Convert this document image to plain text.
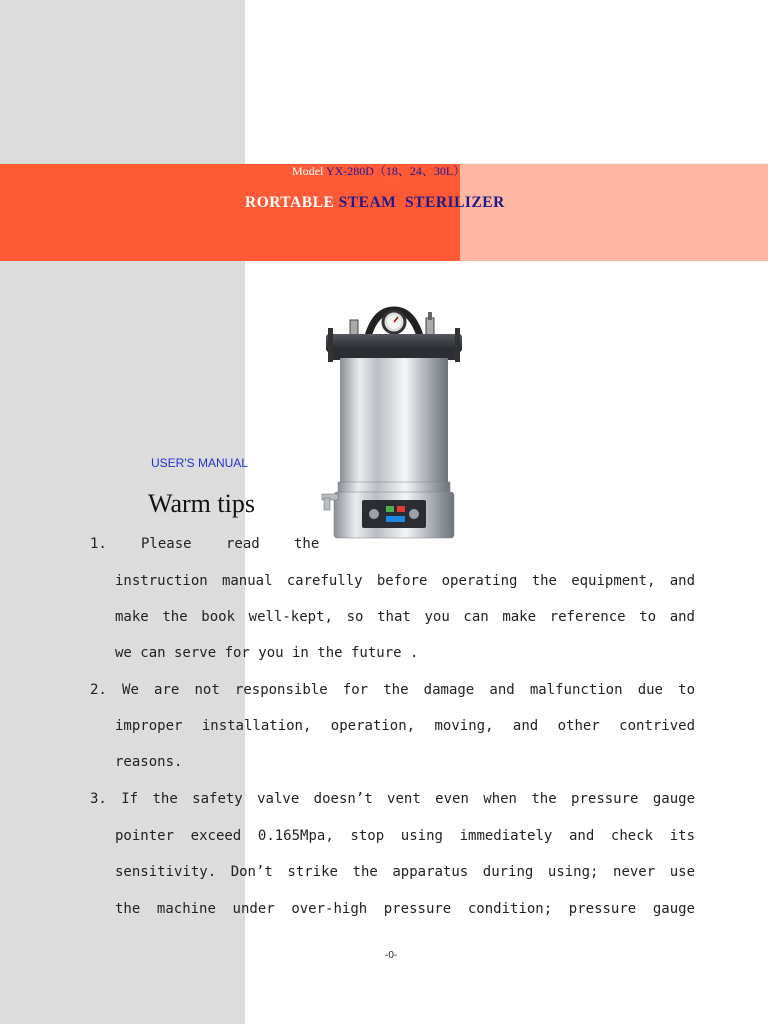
Model YX-280D（18、24、30L）
RORTABLE STEAM  STERILIZER
USER'S MANUAL
Warm tips
1. Please read the
instruction manual carefully before operating the equipment, and
make the book well-kept, so that you can make reference to and
we can serve for you in the future .
2. We are not responsible for the damage and malfunction due to
improper installation, operation, moving, and other contrived
reasons.
3. If the safety valve doesn’t vent even when the pressure gauge
pointer exceed 0.165Mpa, stop using immediately and check its
sensitivity. Don’t strike the apparatus during using; never use
the machine under over-high pressure condition; pressure gauge
-0-
